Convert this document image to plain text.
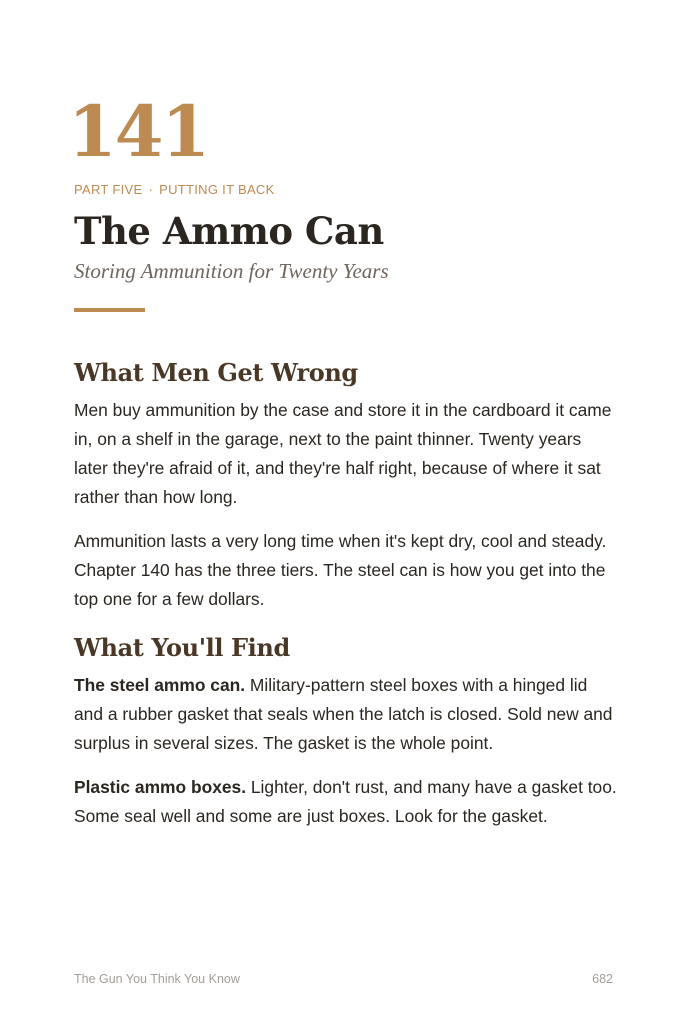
141
PART FIVE · PUTTING IT BACK
The Ammo Can
Storing Ammunition for Twenty Years
What Men Get Wrong

Men buy ammunition by the case and store it in the cardboard it came in, on a shelf in the garage, next to the paint thinner. Twenty years later they're afraid of it, and they're half right, because of where it sat rather than how long.

Ammunition lasts a very long time when it's kept dry, cool and steady. Chapter 140 has the three tiers. The steel can is how you get into the top one for a few dollars.

What You'll Find

The steel ammo can. Military-pattern steel boxes with a hinged lid and a rubber gasket that seals when the latch is closed. Sold new and surplus in several sizes. The gasket is the whole point.

Plastic ammo boxes. Lighter, don't rust, and many have a gasket too. Some seal well and some are just boxes. Look for the gasket.

The Gun You Think You Know	682
